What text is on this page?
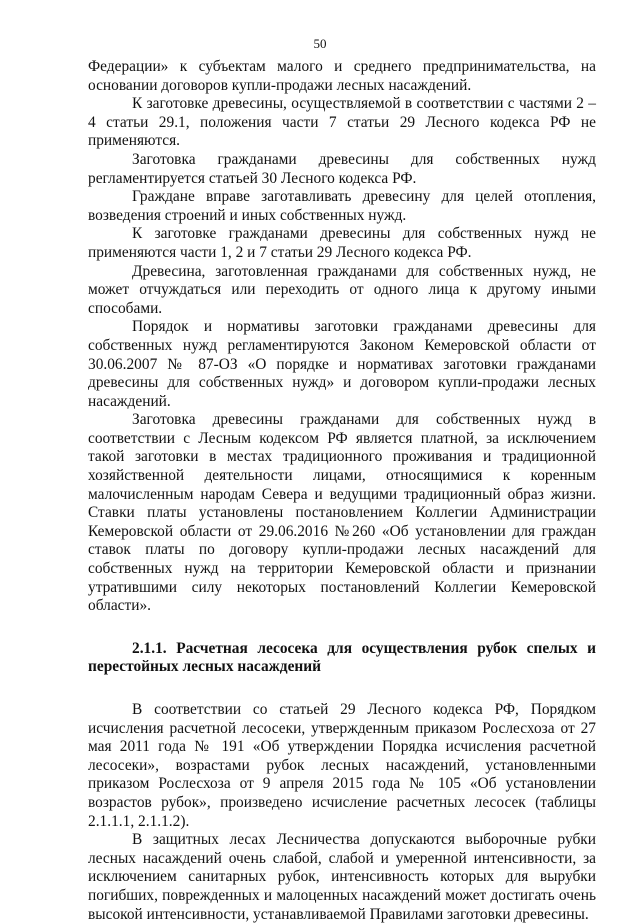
50

Федерации» к субъектам малого и среднего предпринимательства, на основании договоров купли-продажи лесных насаждений.

К заготовке древесины, осуществляемой в соответствии с частями 2 – 4 статьи 29.1, положения части 7 статьи 29 Лесного кодекса РФ не применяются.

Заготовка гражданами древесины для собственных нужд регламентируется статьей 30 Лесного кодекса РФ.

Граждане вправе заготавливать древесину для целей отопления, возведения строений и иных собственных нужд.

К заготовке гражданами древесины для собственных нужд не применяются части 1, 2 и 7 статьи 29 Лесного кодекса РФ.

Древесина, заготовленная гражданами для собственных нужд, не может отчуждаться или переходить от одного лица к другому иными способами.

Порядок и нормативы заготовки гражданами древесины для собственных нужд регламентируются Законом Кемеровской области от 30.06.2007 № 87-ОЗ «О порядке и нормативах заготовки гражданами древесины для собственных нужд» и договором купли-продажи лесных насаждений.

Заготовка древесины гражданами для собственных нужд в соответствии с Лесным кодексом РФ является платной, за исключением такой заготовки в местах традиционного проживания и традиционной хозяйственной деятельности лицами, относящимися к коренным малочисленным народам Севера и ведущими традиционный образ жизни. Ставки платы установлены постановлением Коллегии Администрации Кемеровской области от 29.06.2016 №260 «Об установлении для граждан ставок платы по договору купли-продажи лесных насаждений для собственных нужд на территории Кемеровской области и признании утратившими силу некоторых постановлений Коллегии Кемеровской области».

2.1.1. Расчетная лесосека для осуществления рубок спелых и перестойных лесных насаждений

В соответствии со статьей 29 Лесного кодекса РФ, Порядком исчисления расчетной лесосеки, утвержденным приказом Рослесхоза от 27 мая 2011 года № 191 «Об утверждении Порядка исчисления расчетной лесосеки», возрастами рубок лесных насаждений, установленными приказом Рослесхоза от 9 апреля 2015 года № 105 «Об установлении возрастов рубок», произведено исчисление расчетных лесосек (таблицы 2.1.1.1, 2.1.1.2).

В защитных лесах Лесничества допускаются выборочные рубки лесных насаждений очень слабой, слабой и умеренной интенсивности, за исключением санитарных рубок, интенсивность которых для вырубки погибших, поврежденных и малоценных насаждений может достигать очень высокой интенсивности, устанавливаемой Правилами заготовки древесины.
